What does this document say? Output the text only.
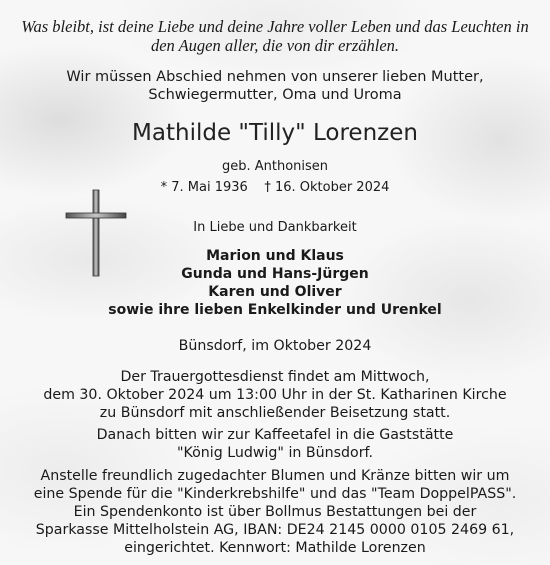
Was bleibt, ist deine Liebe und deine Jahre voller Leben und das Leuchten in
den Augen aller, die von dir erzählen.
Wir müssen Abschied nehmen von unserer lieben Mutter,
Schwiegermutter, Oma und Uroma
Mathilde "Tilly" Lorenzen
geb. Anthonisen
* 7. Mai 1936    † 16. Oktober 2024
In Liebe und Dankbarkeit
Marion und Klaus
Gunda und Hans-Jürgen
Karen und Oliver
sowie ihre lieben Enkelkinder und Urenkel
Bünsdorf, im Oktober 2024
Der Trauergottesdienst findet am Mittwoch,
dem 30. Oktober 2024 um 13:00 Uhr in der St. Katharinen Kirche
zu Bünsdorf mit anschließender Beisetzung statt.
Danach bitten wir zur Kaffeetafel in die Gaststätte
"König Ludwig" in Bünsdorf.
Anstelle freundlich zugedachter Blumen und Kränze bitten wir um
eine Spende für die "Kinderkrebshilfe" und das "Team DoppelPASS".
Ein Spendenkonto ist über Bollmus Bestattungen bei der
Sparkasse Mittelholstein AG, IBAN: DE24 2145 0000 0105 2469 61,
eingerichtet. Kennwort: Mathilde Lorenzen
